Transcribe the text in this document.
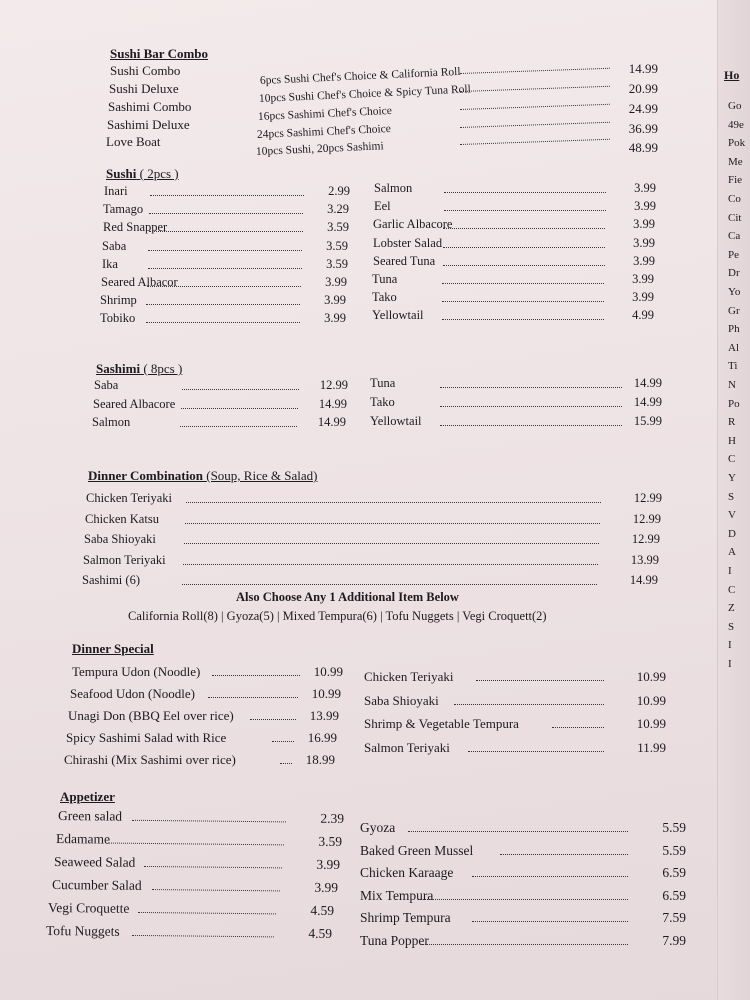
Ho
Go
49e
Pok
Me
Fie
Co
Cit
Ca
Pe
Dr
Yo
Gr
Ph
Al
Ti
N
Po
R
H
C
Y
S
V
D
A
I
C
Z
S
I
I
Sushi Bar Combo
Sushi Combo	6pcs Sushi Chef's Choice & California Roll	14.99
Sushi Deluxe	10pcs Sushi Chef's Choice & Spicy Tuna Roll	20.99
Sashimi Combo	16pcs Sashimi Chef's Choice	24.99
Sashimi Deluxe	24pcs Sashimi Chef's Choice	36.99
Love Boat	10pcs Sushi, 20pcs Sashimi	48.99
Sushi ( 2pcs )
Inari	2.99
Tamago	3.29
Red Snapper	3.59
Saba	3.59
Ika	3.59
Seared Albacor	3.99
Shrimp	3.99
Tobiko	3.99
Salmon	3.99
Eel	3.99
Garlic Albacore	3.99
Lobster Salad	3.99
Seared Tuna	3.99
Tuna	3.99
Tako	3.99
Yellowtail	4.99
Sashimi ( 8pcs )
Saba	12.99
Seared Albacore	14.99
Salmon	14.99
Tuna	14.99
Tako	14.99
Yellowtail	15.99
Dinner Combination (Soup, Rice & Salad)
Chicken Teriyaki	12.99
Chicken Katsu	12.99
Saba Shioyaki	12.99
Salmon Teriyaki	13.99
Sashimi (6)	14.99
Also Choose Any 1 Additional Item Below
California Roll(8) | Gyoza(5) | Mixed Tempura(6) | Tofu Nuggets | Vegi Croquett(2)
Dinner Special
Tempura Udon (Noodle)	10.99
Seafood Udon (Noodle)	10.99
Unagi Don (BBQ Eel over rice)	13.99
Spicy Sashimi Salad with Rice	16.99
Chirashi (Mix Sashimi over rice)	18.99
Chicken Teriyaki	10.99
Saba Shioyaki	10.99
Shrimp & Vegetable Tempura	10.99
Salmon Teriyaki	11.99
Appetizer
Green salad	2.39
Edamame	3.59
Seaweed Salad	3.99
Cucumber Salad	3.99
Vegi Croquette	4.59
Tofu Nuggets	4.59
Gyoza	5.59
Baked Green Mussel	5.59
Chicken Karaage	6.59
Mix Tempura	6.59
Shrimp Tempura	7.59
Tuna Popper	7.99
